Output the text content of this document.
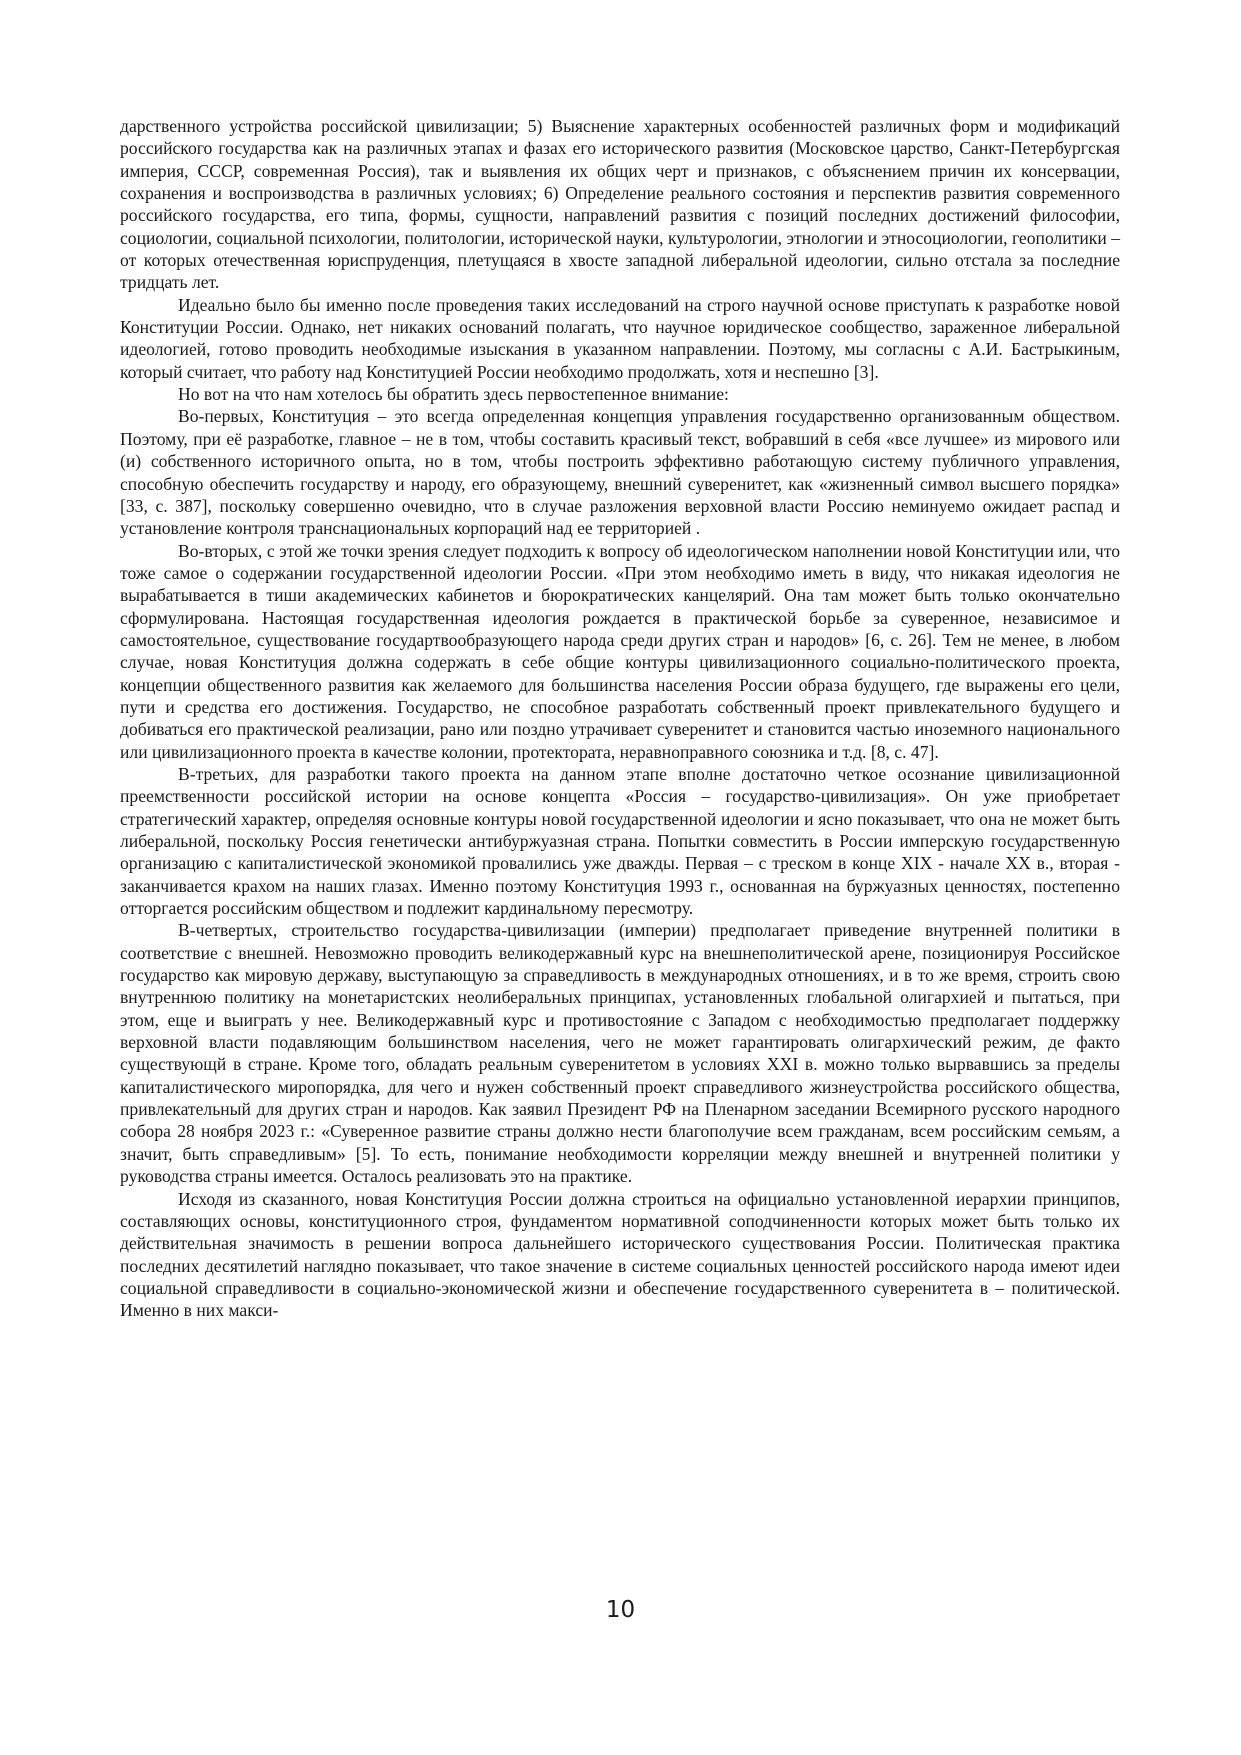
дарственного устройства российской цивилизации; 5) Выяснение характерных особенностей различных форм и модификаций российского государства как на различных этапах и фазах его исторического развития (Московское царство, Санкт-Петербургская империя, СССР, современная Россия), так и выявления их общих черт и признаков, с объяснением причин их консервации, сохранения и воспроизводства в различных условиях; 6) Определение реального состояния и перспектив развития современного российского государства, его типа, формы, сущности, направлений развития с позиций последних достижений философии, социологии, социальной психологии, политологии, исторической науки, культурологии, этнологии и этносоциологии, геополитики – от которых отечественная юриспруденция, плетущаяся в хвосте западной либеральной идеологии, сильно отстала за последние тридцать лет.

Идеально было бы именно после проведения таких исследований на строго научной основе приступать к разработке новой Конституции России. Однако, нет никаких оснований полагать, что научное юридическое сообщество, зараженное либеральной идеологией, готово проводить необходимые изыскания в указанном направлении. Поэтому, мы согласны с А.И. Бастрыкиным, который считает, что работу над Конституцией России необходимо продолжать, хотя и неспешно [3].

Но вот на что нам хотелось бы обратить здесь первостепенное внимание:

Во-первых, Конституция – это всегда определенная концепция управления государственно организованным обществом. Поэтому, при её разработке, главное – не в том, чтобы составить красивый текст, вобравший в себя «все лучшее» из мирового или (и) собственного историчного опыта, но в том, чтобы построить эффективно работающую систему публичного управления, способную обеспечить государству и народу, его образующему, внешний суверенитет, как «жизненный символ высшего порядка» [33, с. 387], поскольку совершенно очевидно, что в случае разложения верховной власти Россию неминуемо ожидает распад и установление контроля транснациональных корпораций над ее территорией .

Во-вторых, с этой же точки зрения следует подходить к вопросу об идеологическом наполнении новой Конституции или, что тоже самое о содержании государственной идеологии России. «При этом необходимо иметь в виду, что никакая идеология не вырабатывается в тиши академических кабинетов и бюрократических канцелярий. Она там может быть только окончательно сформулирована. Настоящая государственная идеология рождается в практической борьбе за суверенное, независимое и самостоятельное, существование государтвообразующего народа среди других стран и народов» [6, с. 26]. Тем не менее, в любом случае, новая Конституция должна содержать в себе общие контуры цивилизационного социально-политического проекта, концепции общественного развития как желаемого для большинства населения России образа будущего, где выражены его цели, пути и средства его достижения. Государство, не способное разработать собственный проект привлекательного будущего и добиваться его практической реализации, рано или поздно утрачивает суверенитет и становится частью иноземного национального или цивилизационного проекта в качестве колонии, протектората, неравноправного союзника и т.д. [8, с. 47].

В-третьих, для разработки такого проекта на данном этапе вполне достаточно четкое осознание цивилизационной преемственности российской истории на основе концепта «Россия – государство-цивилизация». Он уже приобретает стратегический характер, определяя основные контуры новой государственной идеологии и ясно показывает, что она не может быть либеральной, поскольку Россия генетически антибуржуазная страна. Попытки совместить в России имперскую государственную организацию с капиталистической экономикой провалились уже дважды. Первая – с треском в конце XIX - начале XX в., вторая - заканчивается крахом на наших глазах. Именно поэтому Конституция 1993 г., основанная на буржуазных ценностях, постепенно отторгается российским обществом и подлежит кардинальному пересмотру.

В-четвертых, строительство государства-цивилизации (империи) предполагает приведение внутренней политики в соответствие с внешней. Невозможно проводить великодержавный курс на внешнеполитической арене, позиционируя Российское государство как мировую державу, выступающую за справедливость в международных отношениях, и в то же время, строить свою внутреннюю политику на монетаристских неолиберальных принципах, установленных глобальной олигархией и пытаться, при этом, еще и выиграть у нее. Великодержавный курс и противостояние с Западом с необходимостью предполагает поддержку верховной власти подавляющим большинством населения, чего не может гарантировать олигархический режим, де факто существующй в стране. Кроме того, обладать реальным суверенитетом в условиях XXI в. можно только вырвавшись за пределы капиталистического миропорядка, для чего и нужен собственный проект справедливого жизнеустройства российского общества, привлекательный для других стран и народов. Как заявил Президент РФ на Пленарном заседании Всемирного русского народного собора 28 ноября 2023 г.: «Суверенное развитие страны должно нести благополучие всем гражданам, всем российским семьям, а значит, быть справедливым» [5]. То есть, понимание необходимости корреляции между внешней и внутренней политики у руководства страны имеется. Осталось реализовать это на практике.

Исходя из сказанного, новая Конституция России должна строиться на официально установленной иерархии принципов, составляющих основы, конституционного строя, фундаментом нормативной соподчиненности которых может быть только их действительная значимость в решении вопроса дальнейшего исторического существования России. Политическая практика последних десятилетий наглядно показывает, что такое значение в системе социальных ценностей российского народа имеют идеи социальной справедливости в социально-экономической жизни и обеспечение государственного суверенитета в – политической. Именно в них макси-

10
